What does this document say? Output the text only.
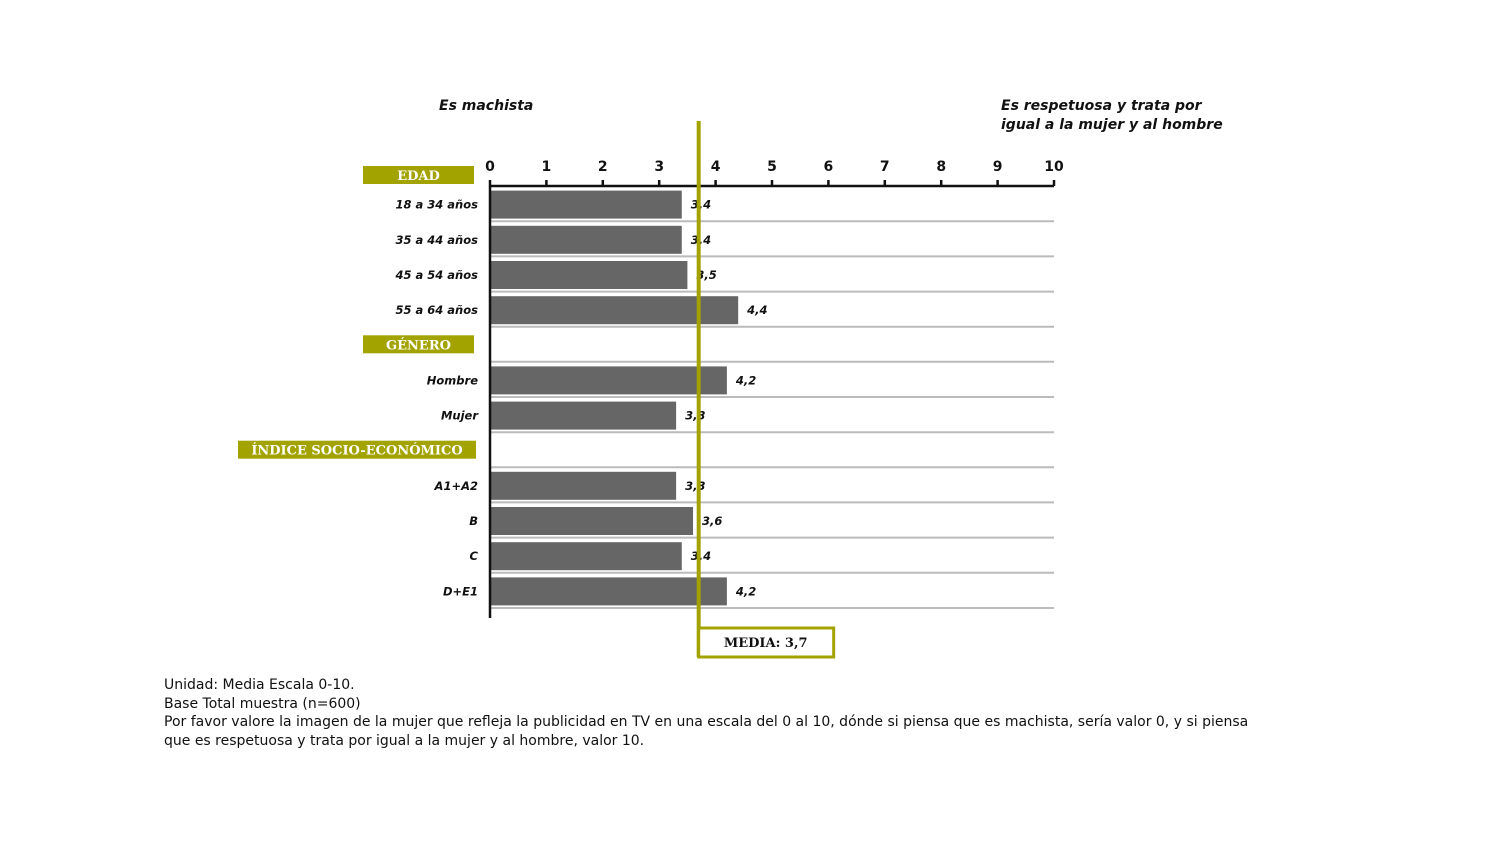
Es machista	Es respetuosa y trata por
igual a la mujer y al hombre
18 a 34 años	3,4
35 a 44 años	3,4
45 a 54 años	3,5
55 a 64 años	4,4
Hombre	4,2
Mujer	3,3
A1+A2	3,3
B	3,6
C	3,4
D+E1	4,2
EDAD
GÉNERO
ÍNDICE SOCIO-ECONÓMICO
0	1	2	3	4	5	6	7	8	9	10
MEDIA: 3,7
Unidad: Media Escala 0-10.
Base Total muestra (n=600)
Por favor valore la imagen de la mujer que refleja la publicidad en TV en una escala del 0 al 10, dónde si piensa que es machista, sería valor 0, y si piensa
que es respetuosa y trata por igual a la mujer y al hombre, valor 10.
